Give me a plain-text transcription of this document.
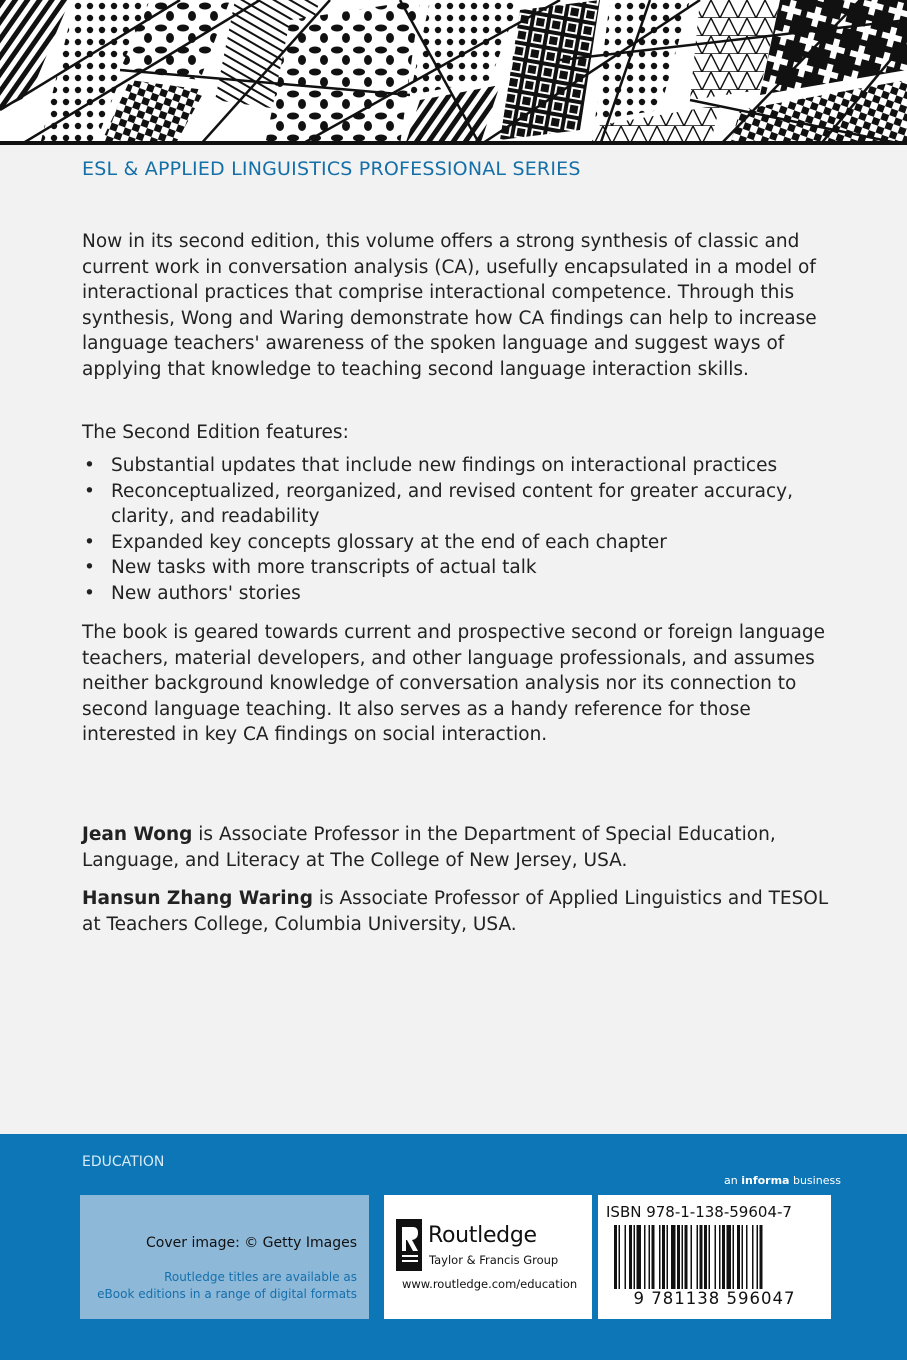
ESL & APPLIED LINGUISTICS PROFESSIONAL SERIES

Now in its second edition, this volume offers a strong synthesis of classic and current work in conversation analysis (CA), usefully encapsulated in a model of interactional practices that comprise interactional competence. Through this synthesis, Wong and Waring demonstrate how CA findings can help to increase language teachers' awareness of the spoken language and suggest ways of applying that knowledge to teaching second language interaction skills.

The Second Edition features:

• Substantial updates that include new findings on interactional practices
• Reconceptualized, reorganized, and revised content for greater accuracy, clarity, and readability
• Expanded key concepts glossary at the end of each chapter
• New tasks with more transcripts of actual talk
• New authors' stories

The book is geared towards current and prospective second or foreign language teachers, material developers, and other language professionals, and assumes neither background knowledge of conversation analysis nor its connection to second language teaching. It also serves as a handy reference for those interested in key CA findings on social interaction.

Jean Wong is Associate Professor in the Department of Special Education, Language, and Literacy at The College of New Jersey, USA.

Hansun Zhang Waring is Associate Professor of Applied Linguistics and TESOL at Teachers College, Columbia University, USA.

EDUCATION
an informa business
Cover image: © Getty Images
Routledge titles are available as
eBook editions in a range of digital formats
Routledge
Taylor & Francis Group
www.routledge.com/education
ISBN 978-1-138-59604-7
9 781138 596047
